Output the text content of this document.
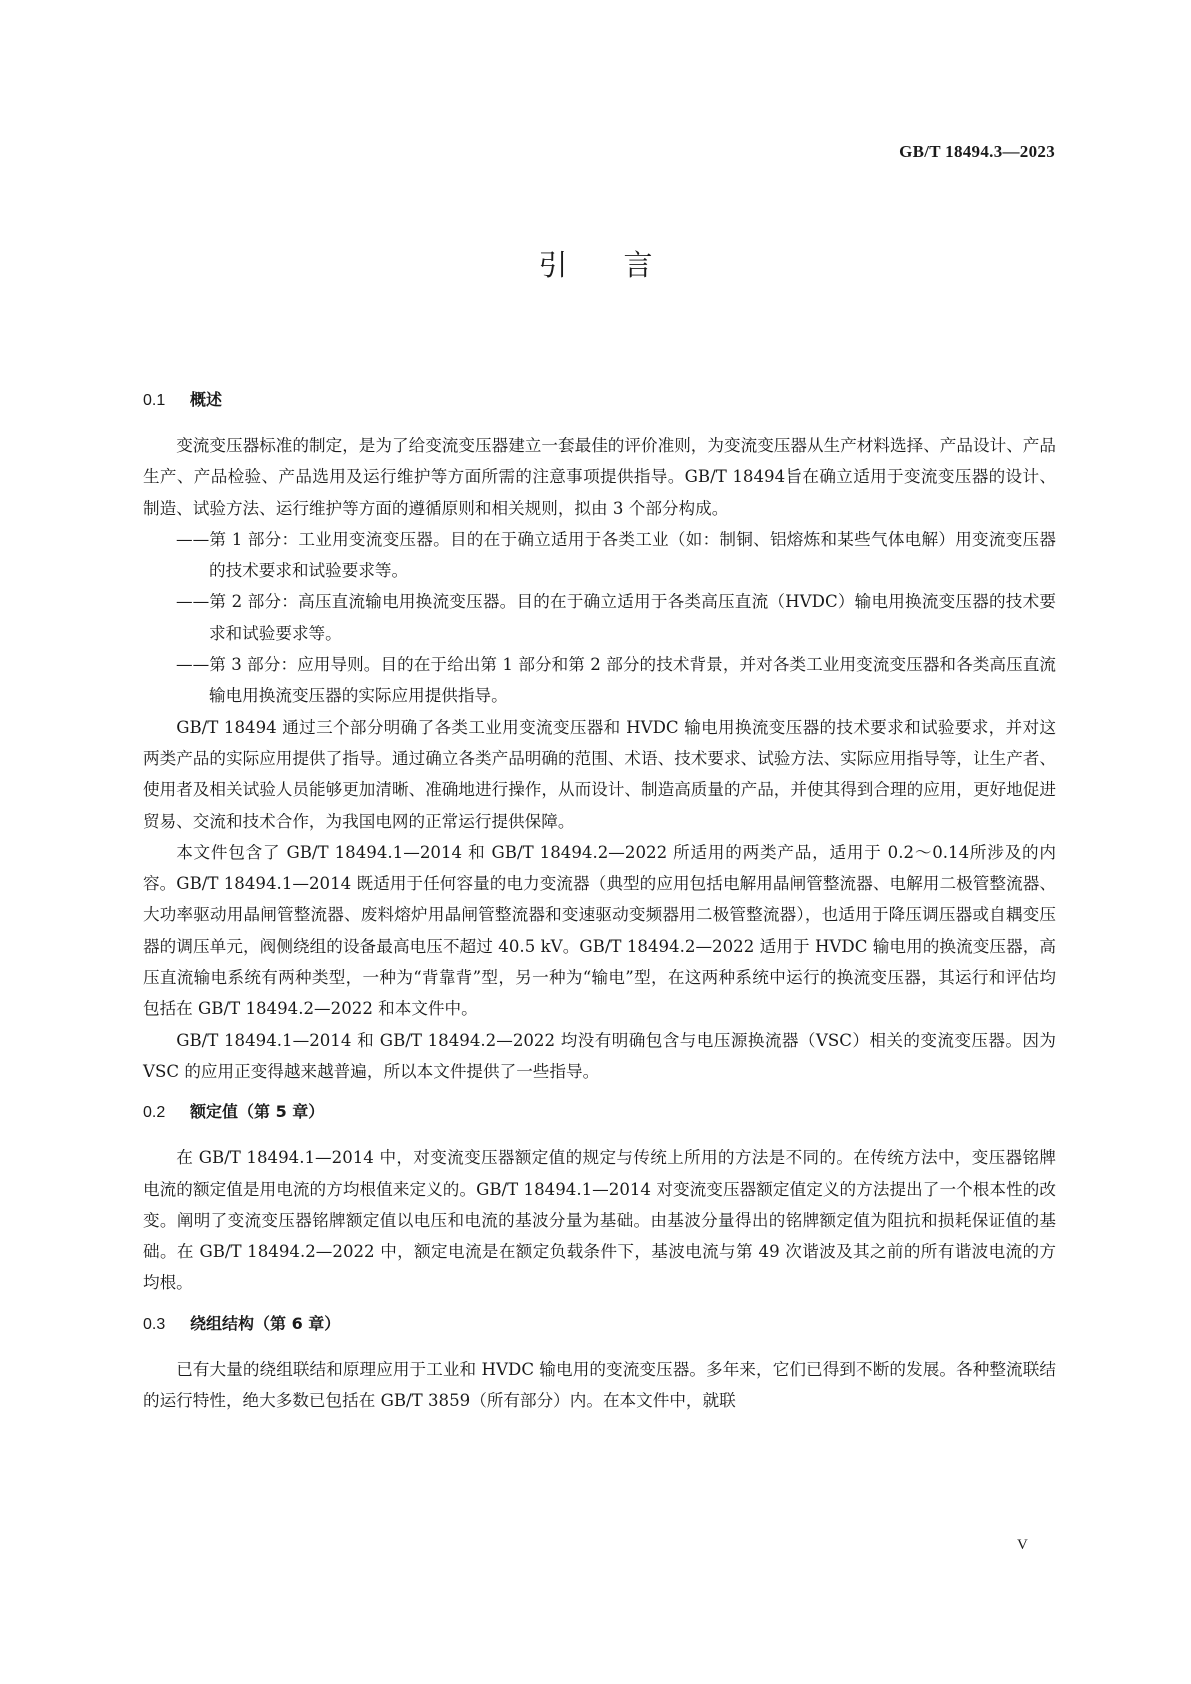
GB/T 18494.3—2023
引言
0.1 概述

变流变压器标准的制定，是为了给变流变压器建立一套最佳的评价准则，为变流变压器从生产材料选择、产品设计、产品生产、产品检验、产品选用及运行维护等方面所需的注意事项提供指导。GB/T 18494旨在确立适用于变流变压器的设计、制造、试验方法、运行维护等方面的遵循原则和相关规则，拟由 3 个部分构成。

——第 1 部分：工业用变流变压器。目的在于确立适用于各类工业（如：制铜、铝熔炼和某些气体电解）用变流变压器的技术要求和试验要求等。

——第 2 部分：高压直流输电用换流变压器。目的在于确立适用于各类高压直流（HVDC）输电用换流变压器的技术要求和试验要求等。

——第 3 部分：应用导则。目的在于给出第 1 部分和第 2 部分的技术背景，并对各类工业用变流变压器和各类高压直流输电用换流变压器的实际应用提供指导。

GB/T 18494 通过三个部分明确了各类工业用变流变压器和 HVDC 输电用换流变压器的技术要求和试验要求，并对这两类产品的实际应用提供了指导。通过确立各类产品明确的范围、术语、技术要求、试验方法、实际应用指导等，让生产者、使用者及相关试验人员能够更加清晰、准确地进行操作，从而设计、制造高质量的产品，并使其得到合理的应用，更好地促进贸易、交流和技术合作，为我国电网的正常运行提供保障。

本文件包含了 GB/T 18494.1—2014 和 GB/T 18494.2—2022 所适用的两类产品，适用于 0.2～0.14所涉及的内容。GB/T 18494.1—2014 既适用于任何容量的电力变流器（典型的应用包括电解用晶闸管整流器、电解用二极管整流器、大功率驱动用晶闸管整流器、废料熔炉用晶闸管整流器和变速驱动变频器用二极管整流器），也适用于降压调压器或自耦变压器的调压单元，阀侧绕组的设备最高电压不超过 40.5 kV。GB/T 18494.2—2022 适用于 HVDC 输电用的换流变压器，高压直流输电系统有两种类型，一种为“背靠背”型，另一种为“输电”型，在这两种系统中运行的换流变压器，其运行和评估均包括在 GB/T 18494.2—2022 和本文件中。

GB/T 18494.1—2014 和 GB/T 18494.2—2022 均没有明确包含与电压源换流器（VSC）相关的变流变压器。因为 VSC 的应用正变得越来越普遍，所以本文件提供了一些指导。

0.2 额定值（第 5 章）

在 GB/T 18494.1—2014 中，对变流变压器额定值的规定与传统上所用的方法是不同的。在传统方法中，变压器铭牌电流的额定值是用电流的方均根值来定义的。GB/T 18494.1—2014 对变流变压器额定值定义的方法提出了一个根本性的改变。阐明了变流变压器铭牌额定值以电压和电流的基波分量为基础。由基波分量得出的铭牌额定值为阻抗和损耗保证值的基础。在 GB/T 18494.2—2022 中，额定电流是在额定负载条件下，基波电流与第 49 次谐波及其之前的所有谐波电流的方均根。

0.3 绕组结构（第 6 章）

已有大量的绕组联结和原理应用于工业和 HVDC 输电用的变流变压器。多年来，它们已得到不断的发展。各种整流联结的运行特性，绝大多数已包括在 GB/T 3859（所有部分）内。在本文件中，就联

V
